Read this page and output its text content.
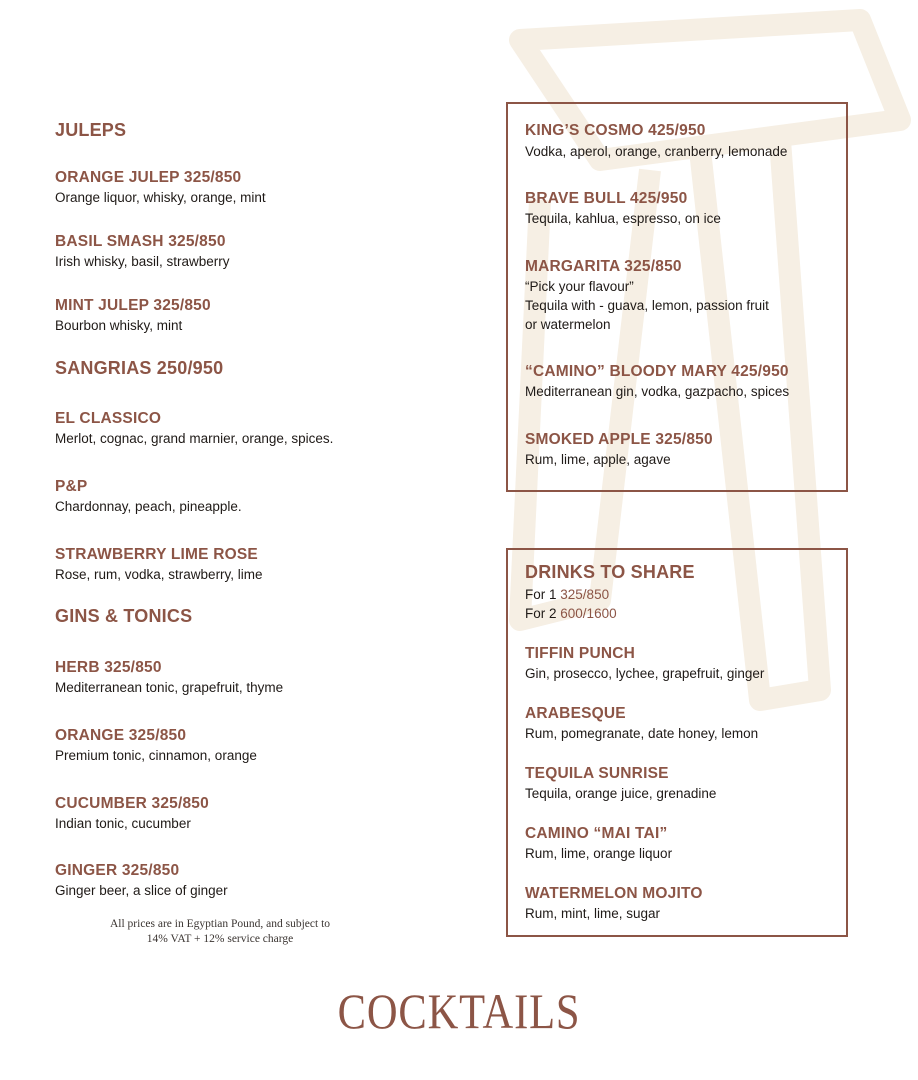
JULEPS
ORANGE JULEP 325/850
Orange liquor, whisky, orange, mint
BASIL SMASH 325/850
Irish whisky, basil, strawberry
MINT JULEP 325/850
Bourbon whisky, mint
SANGRIAS 250/950
EL CLASSICO
Merlot, cognac, grand marnier, orange, spices.
P&P
Chardonnay, peach, pineapple.
STRAWBERRY LIME ROSE
Rose, rum, vodka, strawberry, lime
GINS & TONICS
HERB 325/850
Mediterranean tonic, grapefruit, thyme
ORANGE 325/850
Premium tonic, cinnamon, orange
CUCUMBER 325/850
Indian tonic, cucumber
GINGER 325/850
Ginger beer, a slice of ginger
All prices are in Egyptian Pound, and subject to
14% VAT + 12% service charge
KING’S COSMO 425/950
Vodka, aperol, orange, cranberry, lemonade
BRAVE BULL 425/950
Tequila, kahlua, espresso, on ice
MARGARITA 325/850
“Pick your flavour”
Tequila with - guava, lemon, passion fruit
or watermelon
“CAMINO” BLOODY MARY 425/950
Mediterranean gin, vodka, gazpacho, spices
SMOKED APPLE 325/850
Rum, lime, apple, agave
DRINKS TO SHARE
For 1 325/850
For 2 600/1600
TIFFIN PUNCH
Gin, prosecco, lychee, grapefruit, ginger
ARABESQUE
Rum, pomegranate, date honey, lemon
TEQUILA SUNRISE
Tequila, orange juice, grenadine
CAMINO “MAI TAI”
Rum, lime, orange liquor
WATERMELON MOJITO
Rum, mint, lime, sugar
COCKTAILS
